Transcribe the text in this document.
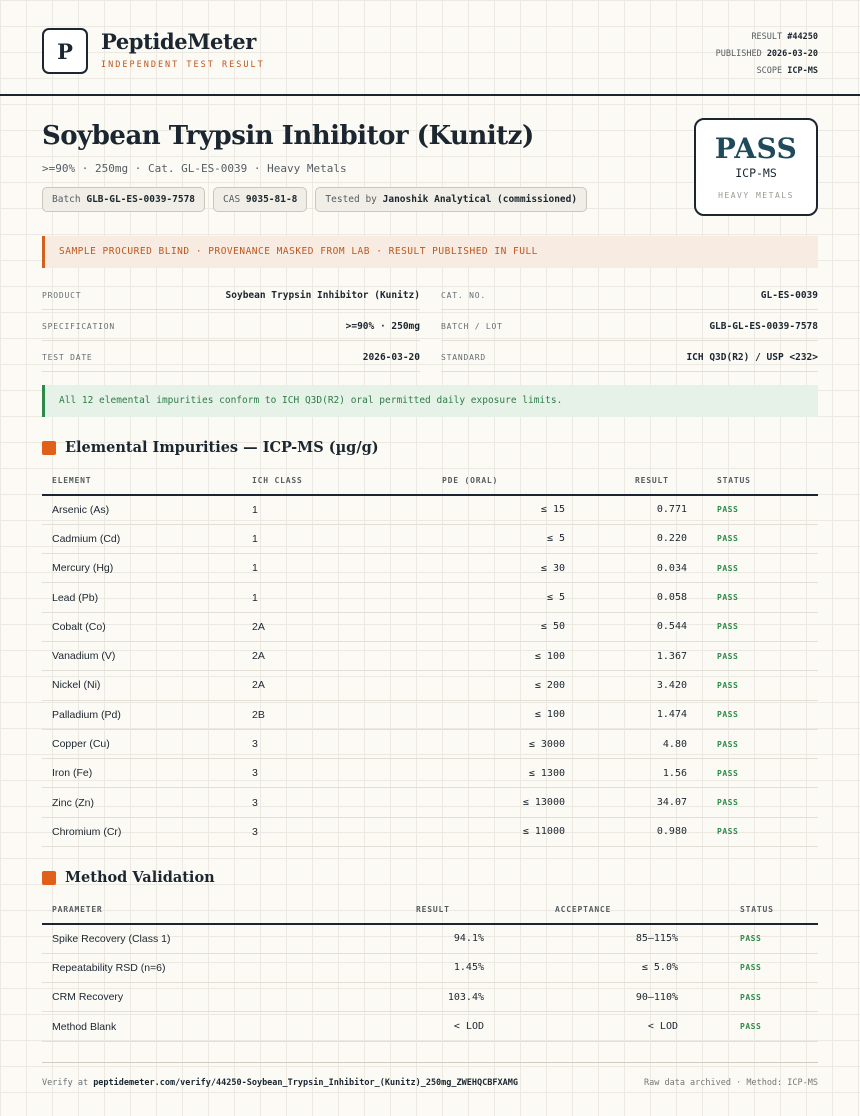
P	PeptideMeter
INDEPENDENT TEST RESULT
RESULT #44250
PUBLISHED 2026-03-20
SCOPE ICP-MS
Soybean Trypsin Inhibitor (Kunitz)
>=90% · 250mg · Cat. GL-ES-0039 · Heavy Metals
Batch GLB-GL-ES-0039-7578	CAS 9035-81-8	Tested by Janoshik Analytical (commissioned)
PASS
ICP-MS
HEAVY METALS
SAMPLE PROCURED BLIND · PROVENANCE MASKED FROM LAB · RESULT PUBLISHED IN FULL
PRODUCT	Soybean Trypsin Inhibitor (Kunitz)	CAT. NO.	GL-ES-0039
SPECIFICATION	>=90% · 250mg	BATCH / LOT	GLB-GL-ES-0039-7578
TEST DATE	2026-03-20	STANDARD	ICH Q3D(R2) / USP <232>
All 12 elemental impurities conform to ICH Q3D(R2) oral permitted daily exposure limits.
Elemental Impurities — ICP-MS (µg/g)
ELEMENT	ICH CLASS	PDE (ORAL)	RESULT	STATUS
Arsenic (As)	1	≤ 15	0.771	PASS
Cadmium (Cd)	1	≤ 5	0.220	PASS
Mercury (Hg)	1	≤ 30	0.034	PASS
Lead (Pb)	1	≤ 5	0.058	PASS
Cobalt (Co)	2A	≤ 50	0.544	PASS
Vanadium (V)	2A	≤ 100	1.367	PASS
Nickel (Ni)	2A	≤ 200	3.420	PASS
Palladium (Pd)	2B	≤ 100	1.474	PASS
Copper (Cu)	3	≤ 3000	4.80	PASS
Iron (Fe)	3	≤ 1300	1.56	PASS
Zinc (Zn)	3	≤ 13000	34.07	PASS
Chromium (Cr)	3	≤ 11000	0.980	PASS
Method Validation
PARAMETER	RESULT	ACCEPTANCE	STATUS
Spike Recovery (Class 1)	94.1%	85–115%	PASS
Repeatability RSD (n=6)	1.45%	≤ 5.0%	PASS
CRM Recovery	103.4%	90–110%	PASS
Method Blank	< LOD	< LOD	PASS
Verify at peptidemeter.com/verify/44250-Soybean_Trypsin_Inhibitor_(Kunitz)_250mg_ZWEHQCBFXAMG	Raw data archived · Method: ICP-MS
